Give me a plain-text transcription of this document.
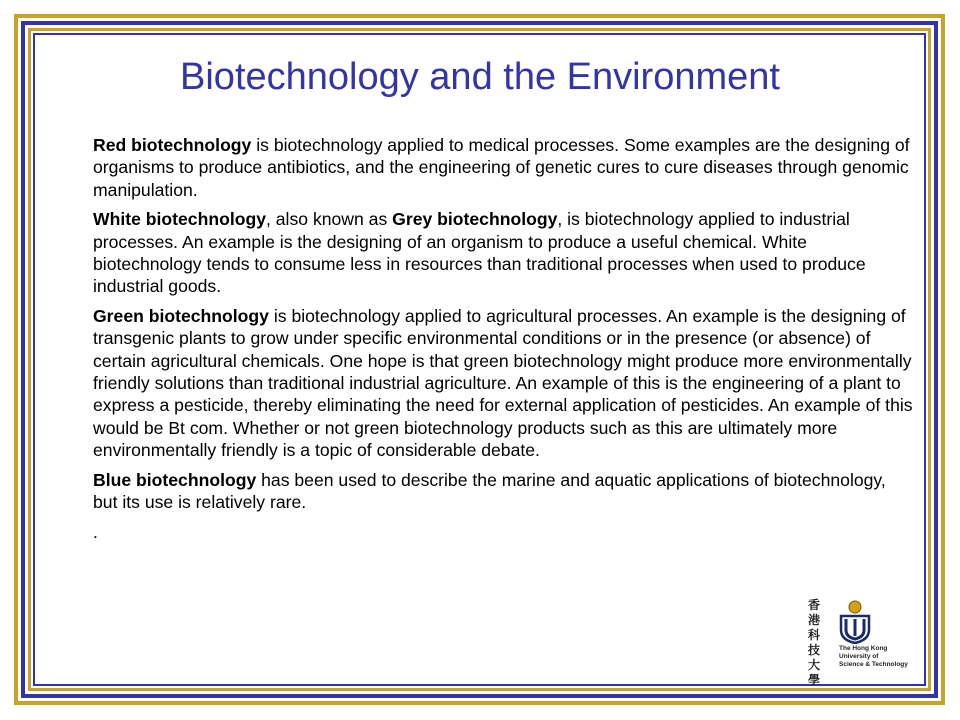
Biotechnology and the Environment

Red biotechnology is biotechnology applied to medical processes. Some examples are the designing of organisms to produce antibiotics, and the engineering of genetic cures to cure diseases through genomic manipulation.

White biotechnology, also known as Grey biotechnology, is biotechnology applied to industrial processes. An example is the designing of an organism to produce a useful chemical. White biotechnology tends to consume less in resources than traditional processes when used to produce industrial goods.

Green biotechnology is biotechnology applied to agricultural processes. An example is the designing of transgenic plants to grow under specific environmental conditions or in the presence (or absence) of certain agricultural chemicals. One hope is that green biotechnology might produce more environmentally friendly solutions than traditional industrial agriculture. An example of this is the engineering of a plant to express a pesticide, thereby eliminating the need for external application of pesticides. An example of this would be Bt com. Whether or not green biotechnology products such as this are ultimately more environmentally friendly is a topic of considerable debate.

Blue biotechnology has been used to describe the marine and aquatic applications of biotechnology, but its use is relatively rare.

.

香
港
科
技
大
學
The Hong Kong
University of
Science & Technology
